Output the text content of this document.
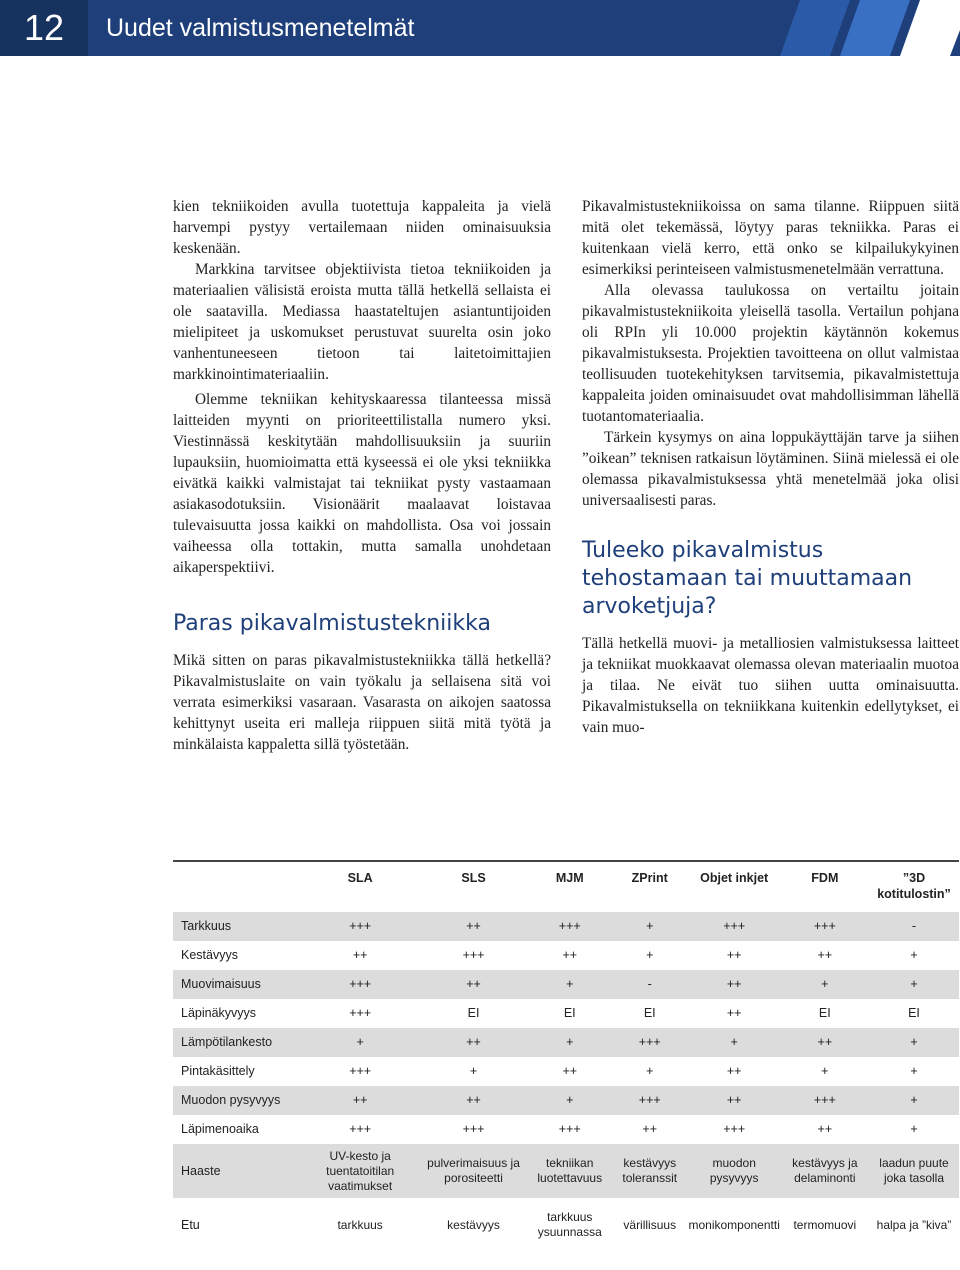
12	Uudet valmistusmenetelmät

kien tekniikoiden avulla tuotettuja kappaleita ja vielä harvempi pystyy vertailemaan niiden ominaisuuksia keskenään.

Markkina tarvitsee objektiivista tietoa tekniikoiden ja materiaalien välisistä eroista mutta tällä hetkellä sellaista ei ole saatavilla. Mediassa haastateltujen asiantuntijoiden mielipiteet ja uskomukset perustuvat suurelta osin joko vanhentuneeseen tietoon tai laitetoimittajien markkinointimateriaaliin.

Olemme tekniikan kehityskaaressa tilanteessa missä laitteiden myynti on prioriteettilistalla numero yksi. Viestinnässä keskitytään mahdollisuuksiin ja suuriin lupauksiin, huomioimatta että kyseessä ei ole yksi tekniikka eivätkä kaikki valmistajat tai tekniikat pysty vastaamaan asiakasodotuksiin. Visionäärit maalaavat loistavaa tulevaisuutta jossa kaikki on mahdollista. Osa voi jossain vaiheessa olla tottakin, mutta samalla unohdetaan aikaperspektiivi.

Paras pikavalmistustekniikka

Mikä sitten on paras pikavalmistustekniikka tällä hetkellä? Pikavalmistuslaite on vain työkalu ja sellaisena sitä voi verrata esimerkiksi vasaraan. Vasarasta on aikojen saatossa kehittynyt useita eri malleja riippuen siitä mitä työtä ja minkälaista kappaletta sillä työstetään.

Pikavalmistustekniikoissa on sama tilanne. Riippuen siitä mitä olet tekemässä, löytyy paras tekniikka. Paras ei kuitenkaan vielä kerro, että onko se kilpailukykyinen esimerkiksi perinteiseen valmistusmenetelmään verrattuna.

Alla olevassa taulukossa on vertailtu joitain pikavalmistustekniikoita yleisellä tasolla. Vertailun pohjana oli RPIn yli 10.000 projektin käytännön kokemus pikavalmistuksesta. Projektien tavoitteena on ollut valmistaa teollisuuden tuotekehityksen tarvitsemia, pikavalmistettuja kappaleita joiden ominaisuudet ovat mahdollisimman lähellä tuotantomateriaalia.

Tärkein kysymys on aina loppukäyttäjän tarve ja siihen ”oikean” teknisen ratkaisun löytäminen. Siinä mielessä ei ole olemassa pikavalmistuksessa yhtä menetelmää joka olisi universaalisesti paras.

Tuleeko pikavalmistus tehostamaan tai muuttamaan arvoketjuja?

Tällä hetkellä muovi- ja metalliosien valmistuksessa laitteet ja tekniikat muokkaavat olemassa olevan materiaalin muotoa ja tilaa. Ne eivät tuo siihen uutta ominaisuutta. Pikavalmistuksella on tekniikkana kuitenkin edellytykset, ei vain muo-

	SLA	SLS	MJM	ZPrint	Objet inkjet	FDM	”3D kotitulostin”
Tarkkuus	+++	++	+++	+	+++	+++	-
Kestävyys	++	+++	++	+	++	++	+
Muovimaisuus	+++	++	+	-	++	+	+
Läpinäkyvyys	+++	EI	EI	EI	++	EI	EI
Lämpötilankesto	+	++	+	+++	+	++	+
Pintakäsittely	+++	+	++	+	++	+	+
Muodon pysyvyys	++	++	+	+++	++	+++	+
Läpimenoaika	+++	+++	+++	++	+++	++	+
Haaste	UV-kesto ja tuentatoitilan vaatimukset	pulverimaisuus ja porositeetti	tekniikan luotettavuus	kestävyys toleranssit	muodon pysyvyys	kestävyys ja delaminonti	laadun puute joka tasolla
Etu	tarkkuus	kestävyys	tarkkuus ysuunnassa	värillisuus	monikomponentti	termomuovi	halpa ja ”kiva”
